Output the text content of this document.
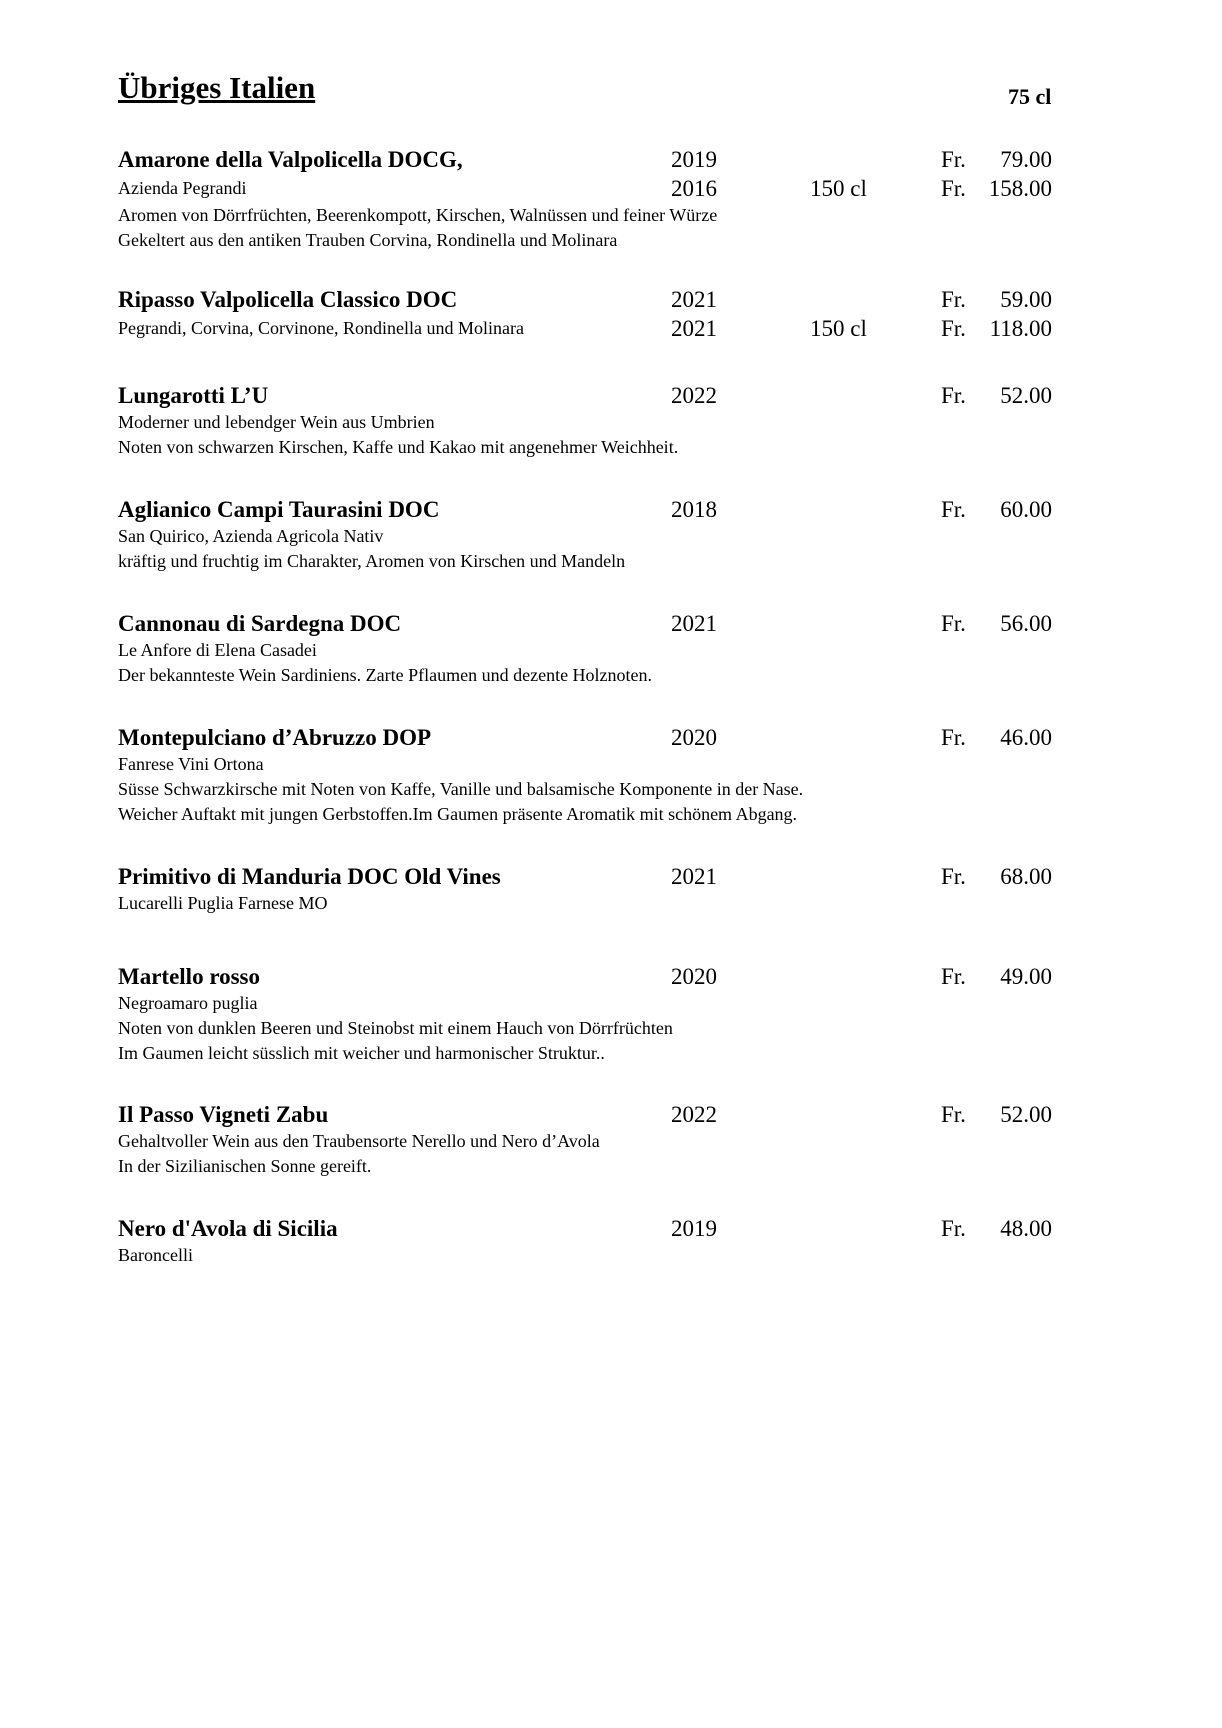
Übriges Italien	75 cl
Amarone della Valpolicella DOCG,	2019	Fr. 79.00
Azienda Pegrandi	2016	150 cl	Fr. 158.00
Aromen von Dörrfrüchten, Beerenkompott, Kirschen, Walnüssen und feiner Würze
Gekeltert aus den antiken Trauben Corvina, Rondinella und Molinara
Ripasso Valpolicella Classico DOC	2021	Fr. 59.00
Pegrandi, Corvina, Corvinone, Rondinella und Molinara	2021	150 cl	Fr. 118.00
Lungarotti L’U	2022	Fr. 52.00
Moderner und lebendger Wein aus Umbrien
Noten von schwarzen Kirschen, Kaffe und Kakao mit angenehmer Weichheit.
Aglianico Campi Taurasini DOC	2018	Fr. 60.00
San Quirico, Azienda Agricola Nativ
kräftig und fruchtig im Charakter, Aromen von Kirschen und Mandeln
Cannonau di Sardegna DOC	2021	Fr. 56.00
Le Anfore di Elena Casadei
Der bekannteste Wein Sardiniens. Zarte Pflaumen und dezente Holznoten.
Montepulciano d’Abruzzo DOP	2020	Fr. 46.00
Fanrese Vini Ortona
Süsse Schwarzkirsche mit Noten von Kaffe, Vanille und balsamische Komponente in der Nase.
Weicher Auftakt mit jungen Gerbstoffen.Im Gaumen präsente Aromatik mit schönem Abgang.
Primitivo di Manduria DOC Old Vines	2021	Fr. 68.00
Lucarelli Puglia Farnese MO
Martello rosso	2020	Fr. 49.00
Negroamaro puglia
Noten von dunklen Beeren und Steinobst mit einem Hauch von Dörrfrüchten
Im Gaumen leicht süsslich mit weicher und harmonischer Struktur..
Il Passo Vigneti Zabu	2022	Fr. 52.00
Gehaltvoller Wein aus den Traubensorte Nerello und Nero d’Avola
In der Sizilianischen Sonne gereift.
Nero d'Avola di Sicilia	2019	Fr. 48.00
Baroncelli
